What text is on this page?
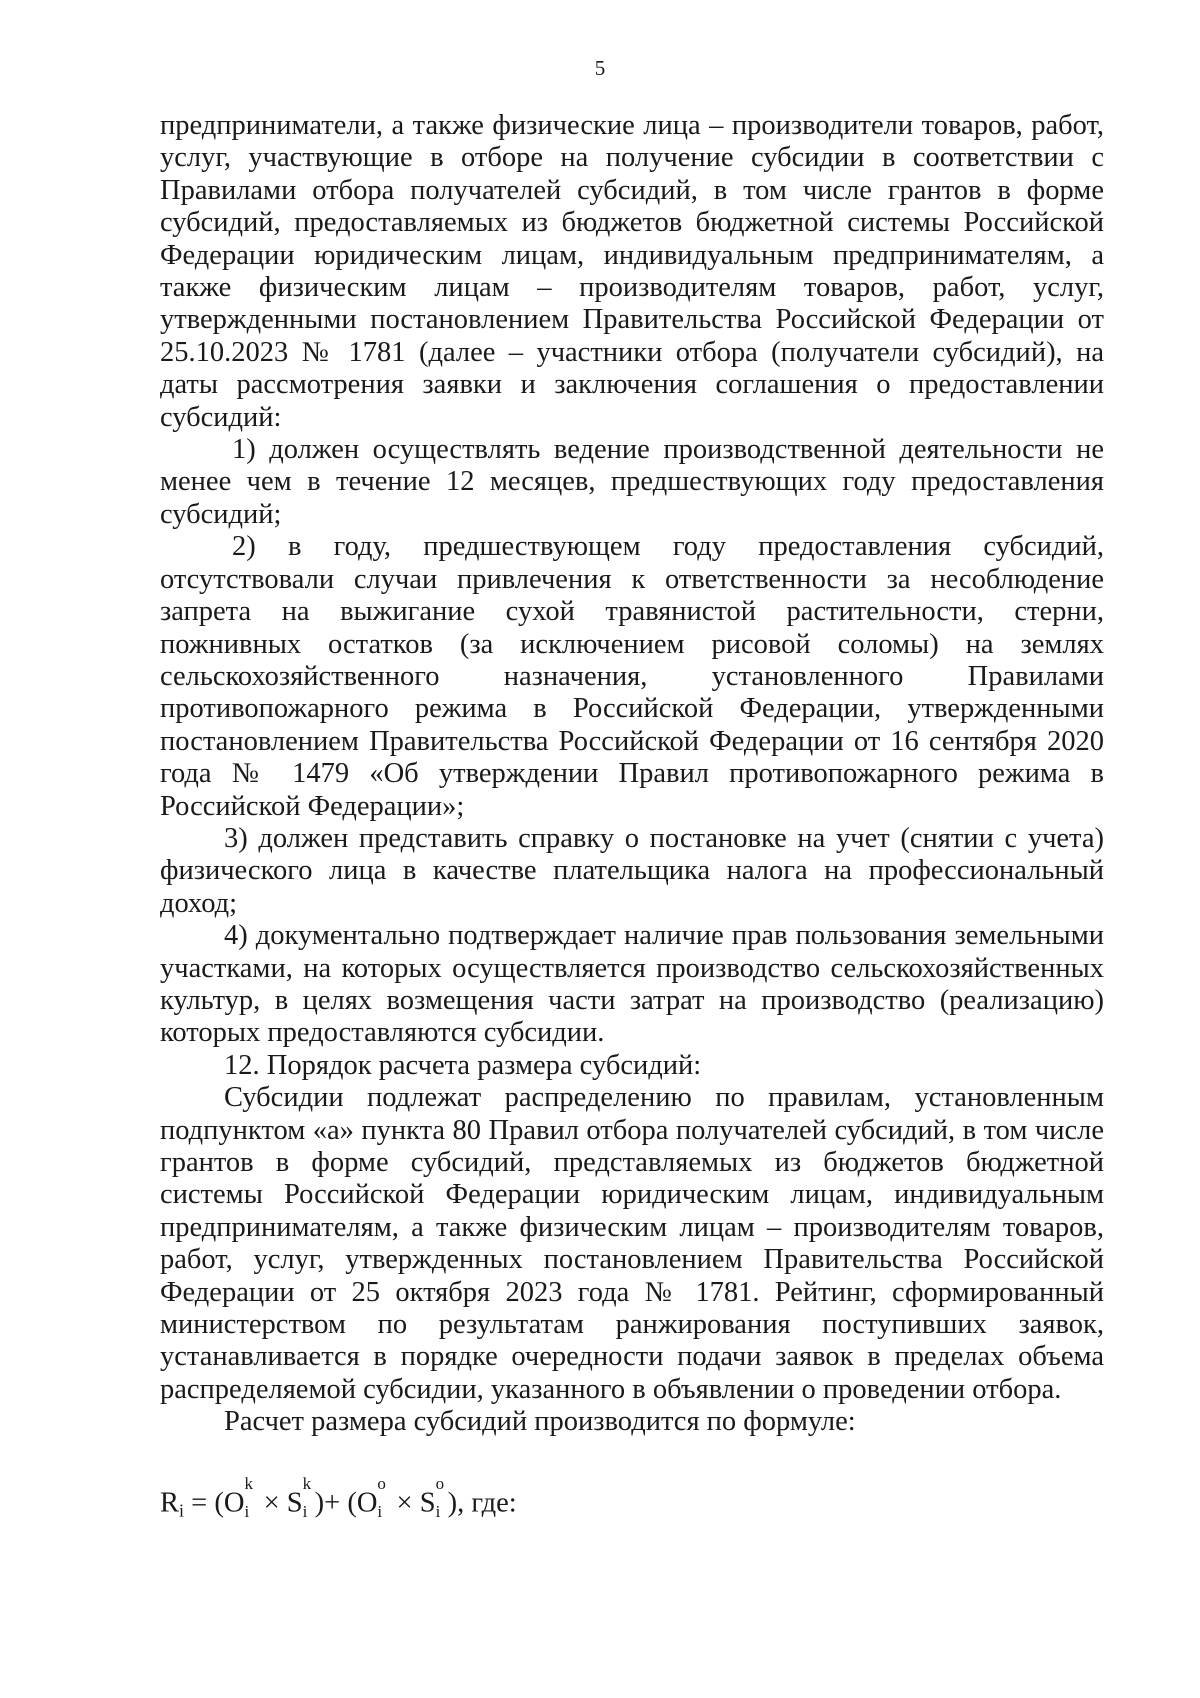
5

предприниматели, а также физические лица – производители товаров, работ, услуг, участвующие в отборе на получение субсидии в соответствии с Правилами отбора получателей субсидий, в том числе грантов в форме субсидий, предоставляемых из бюджетов бюджетной системы Российской Федерации юридическим лицам, индивидуальным предпринимателям, а также физическим лицам – производителям товаров, работ, услуг, утвержденными постановлением Правительства Российской Федерации от 25.10.2023 № 1781 (далее – участники отбора (получатели субсидий), на даты рассмотрения заявки и заключения соглашения о предоставлении субсидий:

1) должен осуществлять ведение производственной деятельности не менее чем в течение 12 месяцев, предшествующих году предоставления субсидий;

2) в году, предшествующем году предоставления субсидий, отсутствовали случаи привлечения к ответственности за несоблюдение запрета на выжигание сухой травянистой растительности, стерни, пожнивных остатков (за исключением рисовой соломы) на землях сельскохозяйственного назначения, установленного Правилами противопожарного режима в Российской Федерации, утвержденными постановлением Правительства Российской Федерации от 16 сентября 2020 года № 1479 «Об утверждении Правил противопожарного режима в Российской Федерации»;

3) должен представить справку о постановке на учет (снятии с учета) физического лица в качестве плательщика налога на профессиональный доход;

4) документально подтверждает наличие прав пользования земельными участками, на которых осуществляется производство сельскохозяйственных культур, в целях возмещения части затрат на производство (реализацию) которых предоставляются субсидии.

12. Порядок расчета размера субсидий:

Субсидии подлежат распределению по правилам, установленным подпунктом «а» пункта 80 Правил отбора получателей субсидий, в том числе грантов в форме субсидий, представляемых из бюджетов бюджетной системы Российской Федерации юридическим лицам, индивидуальным предпринимателям, а также физическим лицам – производителям товаров, работ, услуг, утвержденных постановлением Правительства Российской Федерации от 25 октября 2023 года № 1781. Рейтинг, сформированный министерством по результатам ранжирования поступивших заявок, устанавливается в порядке очередности подачи заявок в пределах объема распределяемой субсидии, указанного в объявлении о проведении отбора.

Расчет размера субсидий производится по формуле:

$R_i = (O$
k
i × S
k
i )+ (O
o
i × S
o
i ), где:
